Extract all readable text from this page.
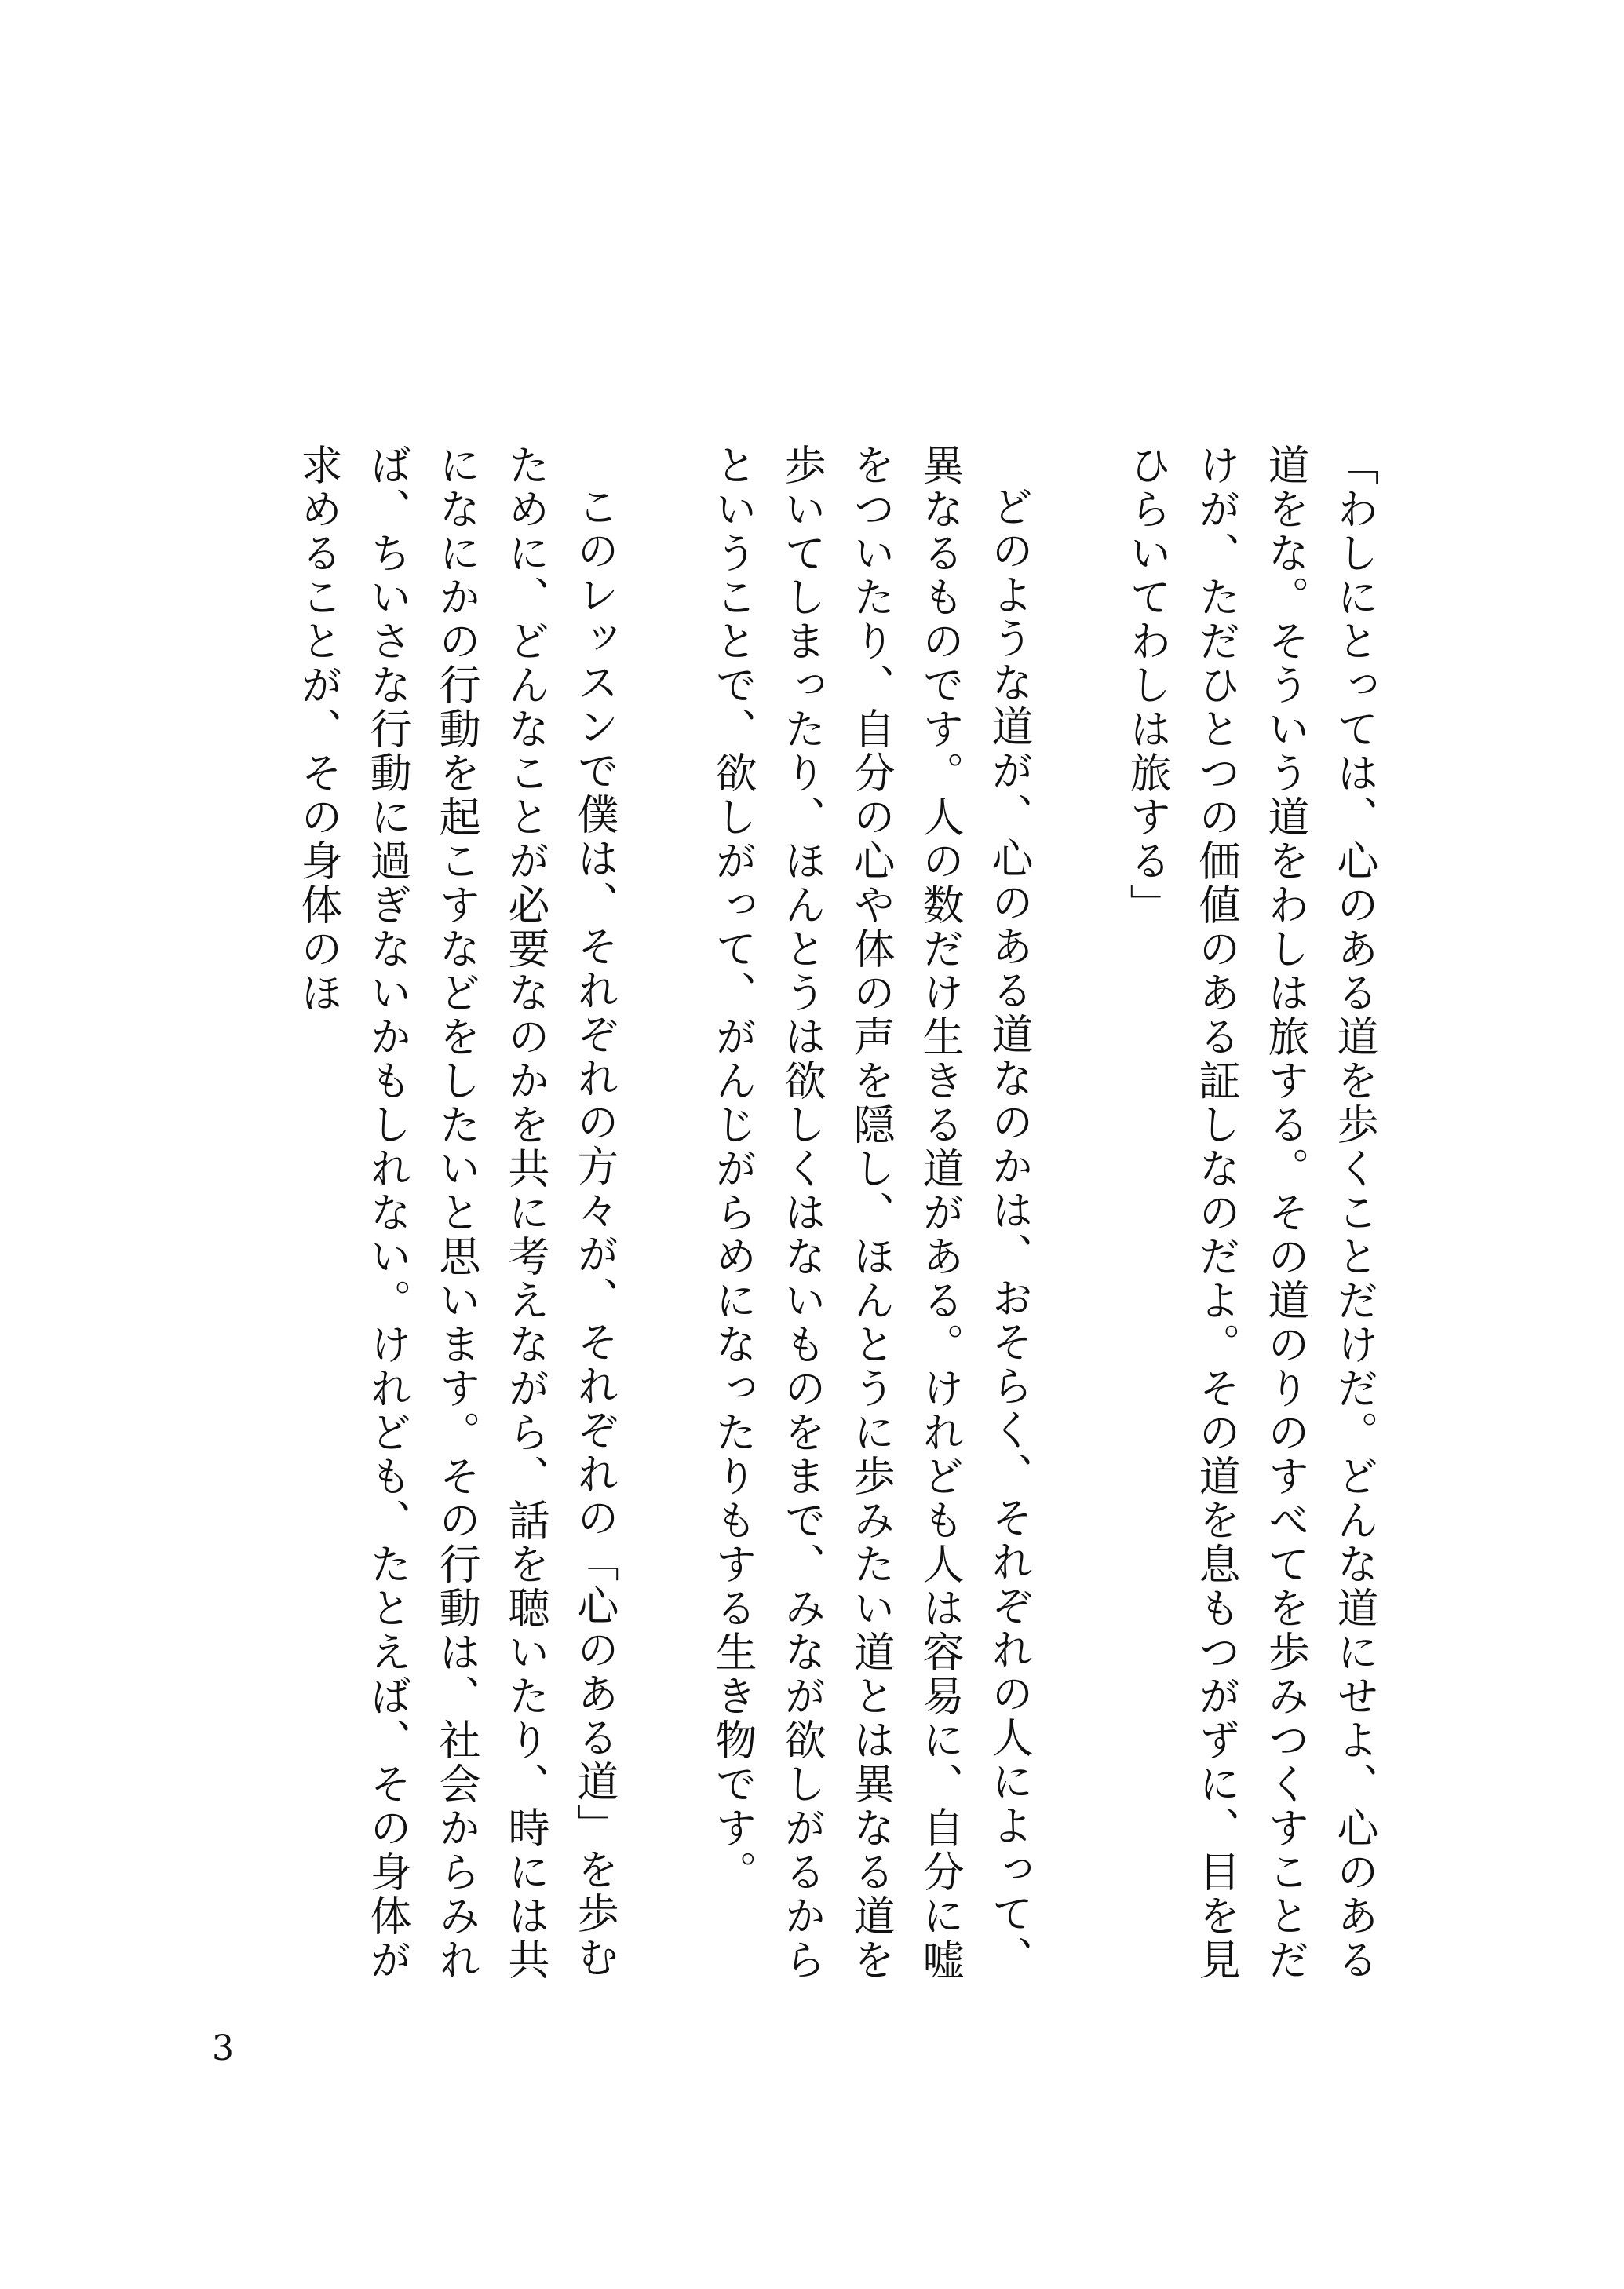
「わしにとっては、心のある道を歩くことだけだ。どんな道にせよ、心のある道をな。そういう道をわしは旅する。その道のりのすべてを歩みつくすことだけが、ただひとつの価値のある証しなのだよ。その道を息もつがずに、目を見ひらいてわしは旅する」

どのような道が、心のある道なのかは、おそらく、それぞれの人によって、異なるものです。人の数だけ生きる道がある。けれども人は容易に、自分に嘘をついたり、自分の心や体の声を隠し、ほんとうに歩みたい道とは異なる道を歩いてしまったり、ほんとうは欲しくはないものをまで、みなが欲しがるからということで、欲しがって、がんじがらめになったりもする生き物です。

このレッスンで僕は、それぞれの方々が、それぞれの「心のある道」を歩むために、どんなことが必要なのかを共に考えながら、話を聴いたり、時には共になにかの行動を起こすなどをしたいと思います。その行動は、社会からみれば、ちいさな行動に過ぎないかもしれない。けれども、たとえば、その身体が求めることが、その身体のほ

3
